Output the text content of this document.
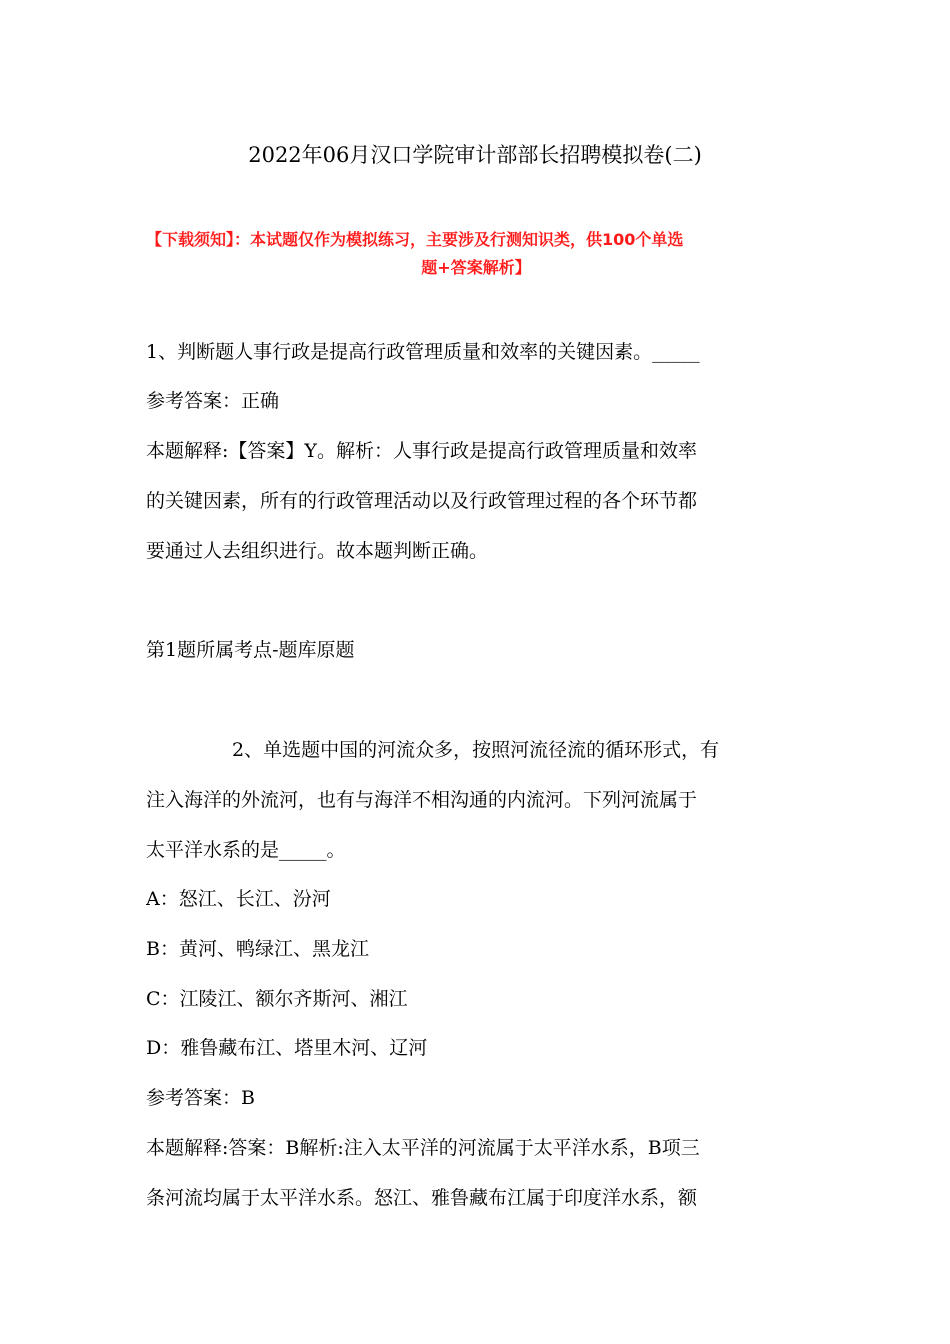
2022年06月汉口学院审计部部长招聘模拟卷(二)
【下载须知】：本试题仅作为模拟练习，主要涉及行测知识类，供100个单选
题+答案解析】
1、判断题人事行政是提高行政管理质量和效率的关键因素。_____
参考答案：正确
本题解释:【答案】Y。解析：人事行政是提高行政管理质量和效率
的关键因素，所有的行政管理活动以及行政管理过程的各个环节都
要通过人去组织进行。故本题判断正确。
第1题所属考点-题库原题
2、单选题中国的河流众多，按照河流径流的循环形式，有
注入海洋的外流河，也有与海洋不相沟通的内流河。下列河流属于
太平洋水系的是_____。
A：怒江、长江、汾河
B：黄河、鸭绿江、黑龙江
C：江陵江、额尔齐斯河、湘江
D：雅鲁藏布江、塔里木河、辽河
参考答案：B
本题解释:答案：B解析:注入太平洋的河流属于太平洋水系，B项三
条河流均属于太平洋水系。怒江、雅鲁藏布江属于印度洋水系，额
